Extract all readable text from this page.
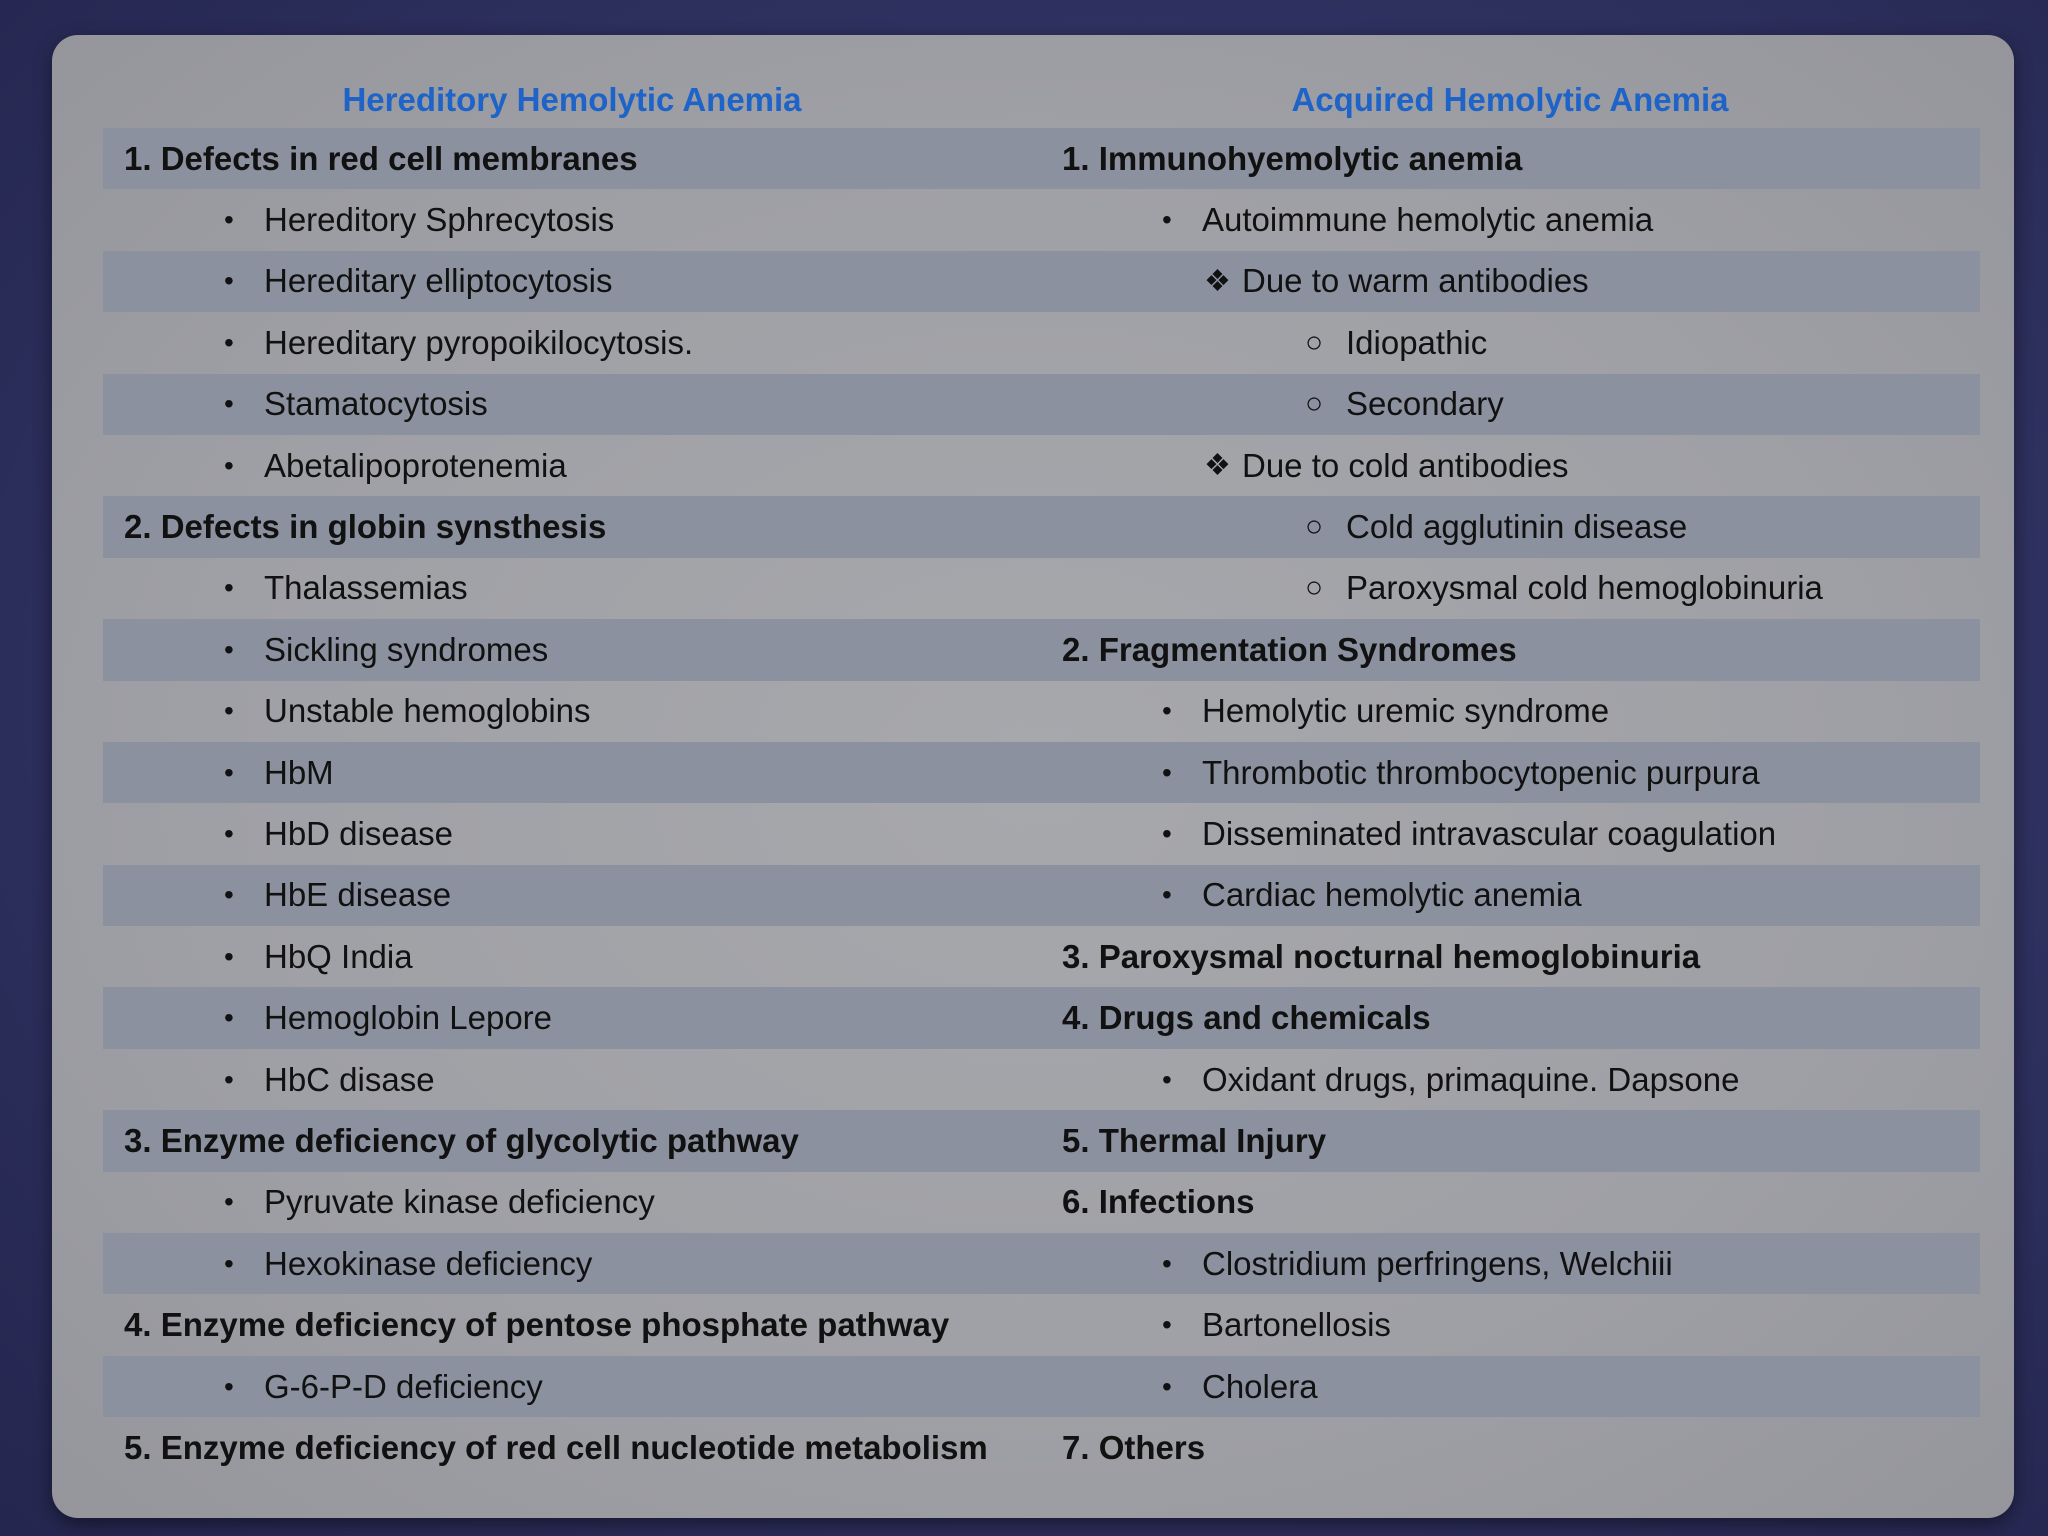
Hereditory Hemolytic Anemia	Acquired Hemolytic Anemia
1. Defects in red cell membranes	1. Immunohyemolytic anemia
• Hereditory Sphrecytosis	• Autoimmune hemolytic anemia
• Hereditary elliptocytosis	❖ Due to warm antibodies
• Hereditary pyropoikilocytosis.	○ Idiopathic
• Stamatocytosis	○ Secondary
• Abetalipoprotenemia	❖ Due to cold antibodies
2. Defects in globin synsthesis	○ Cold agglutinin disease
• Thalassemias	○ Paroxysmal cold hemoglobinuria
• Sickling syndromes	2. Fragmentation Syndromes
• Unstable hemoglobins	• Hemolytic uremic syndrome
• HbM	• Thrombotic thrombocytopenic purpura
• HbD disease	• Disseminated intravascular coagulation
• HbE disease	• Cardiac hemolytic anemia
• HbQ India	3. Paroxysmal nocturnal hemoglobinuria
• Hemoglobin Lepore	4. Drugs and chemicals
• HbC disase	• Oxidant drugs, primaquine. Dapsone
3. Enzyme deficiency of glycolytic pathway	5. Thermal Injury
• Pyruvate kinase deficiency	6. Infections
• Hexokinase deficiency	• Clostridium perfringens, Welchiii
4. Enzyme deficiency of pentose phosphate pathway	• Bartonellosis
• G-6-P-D deficiency	• Cholera
5. Enzyme deficiency of red cell nucleotide metabolism	7. Others
